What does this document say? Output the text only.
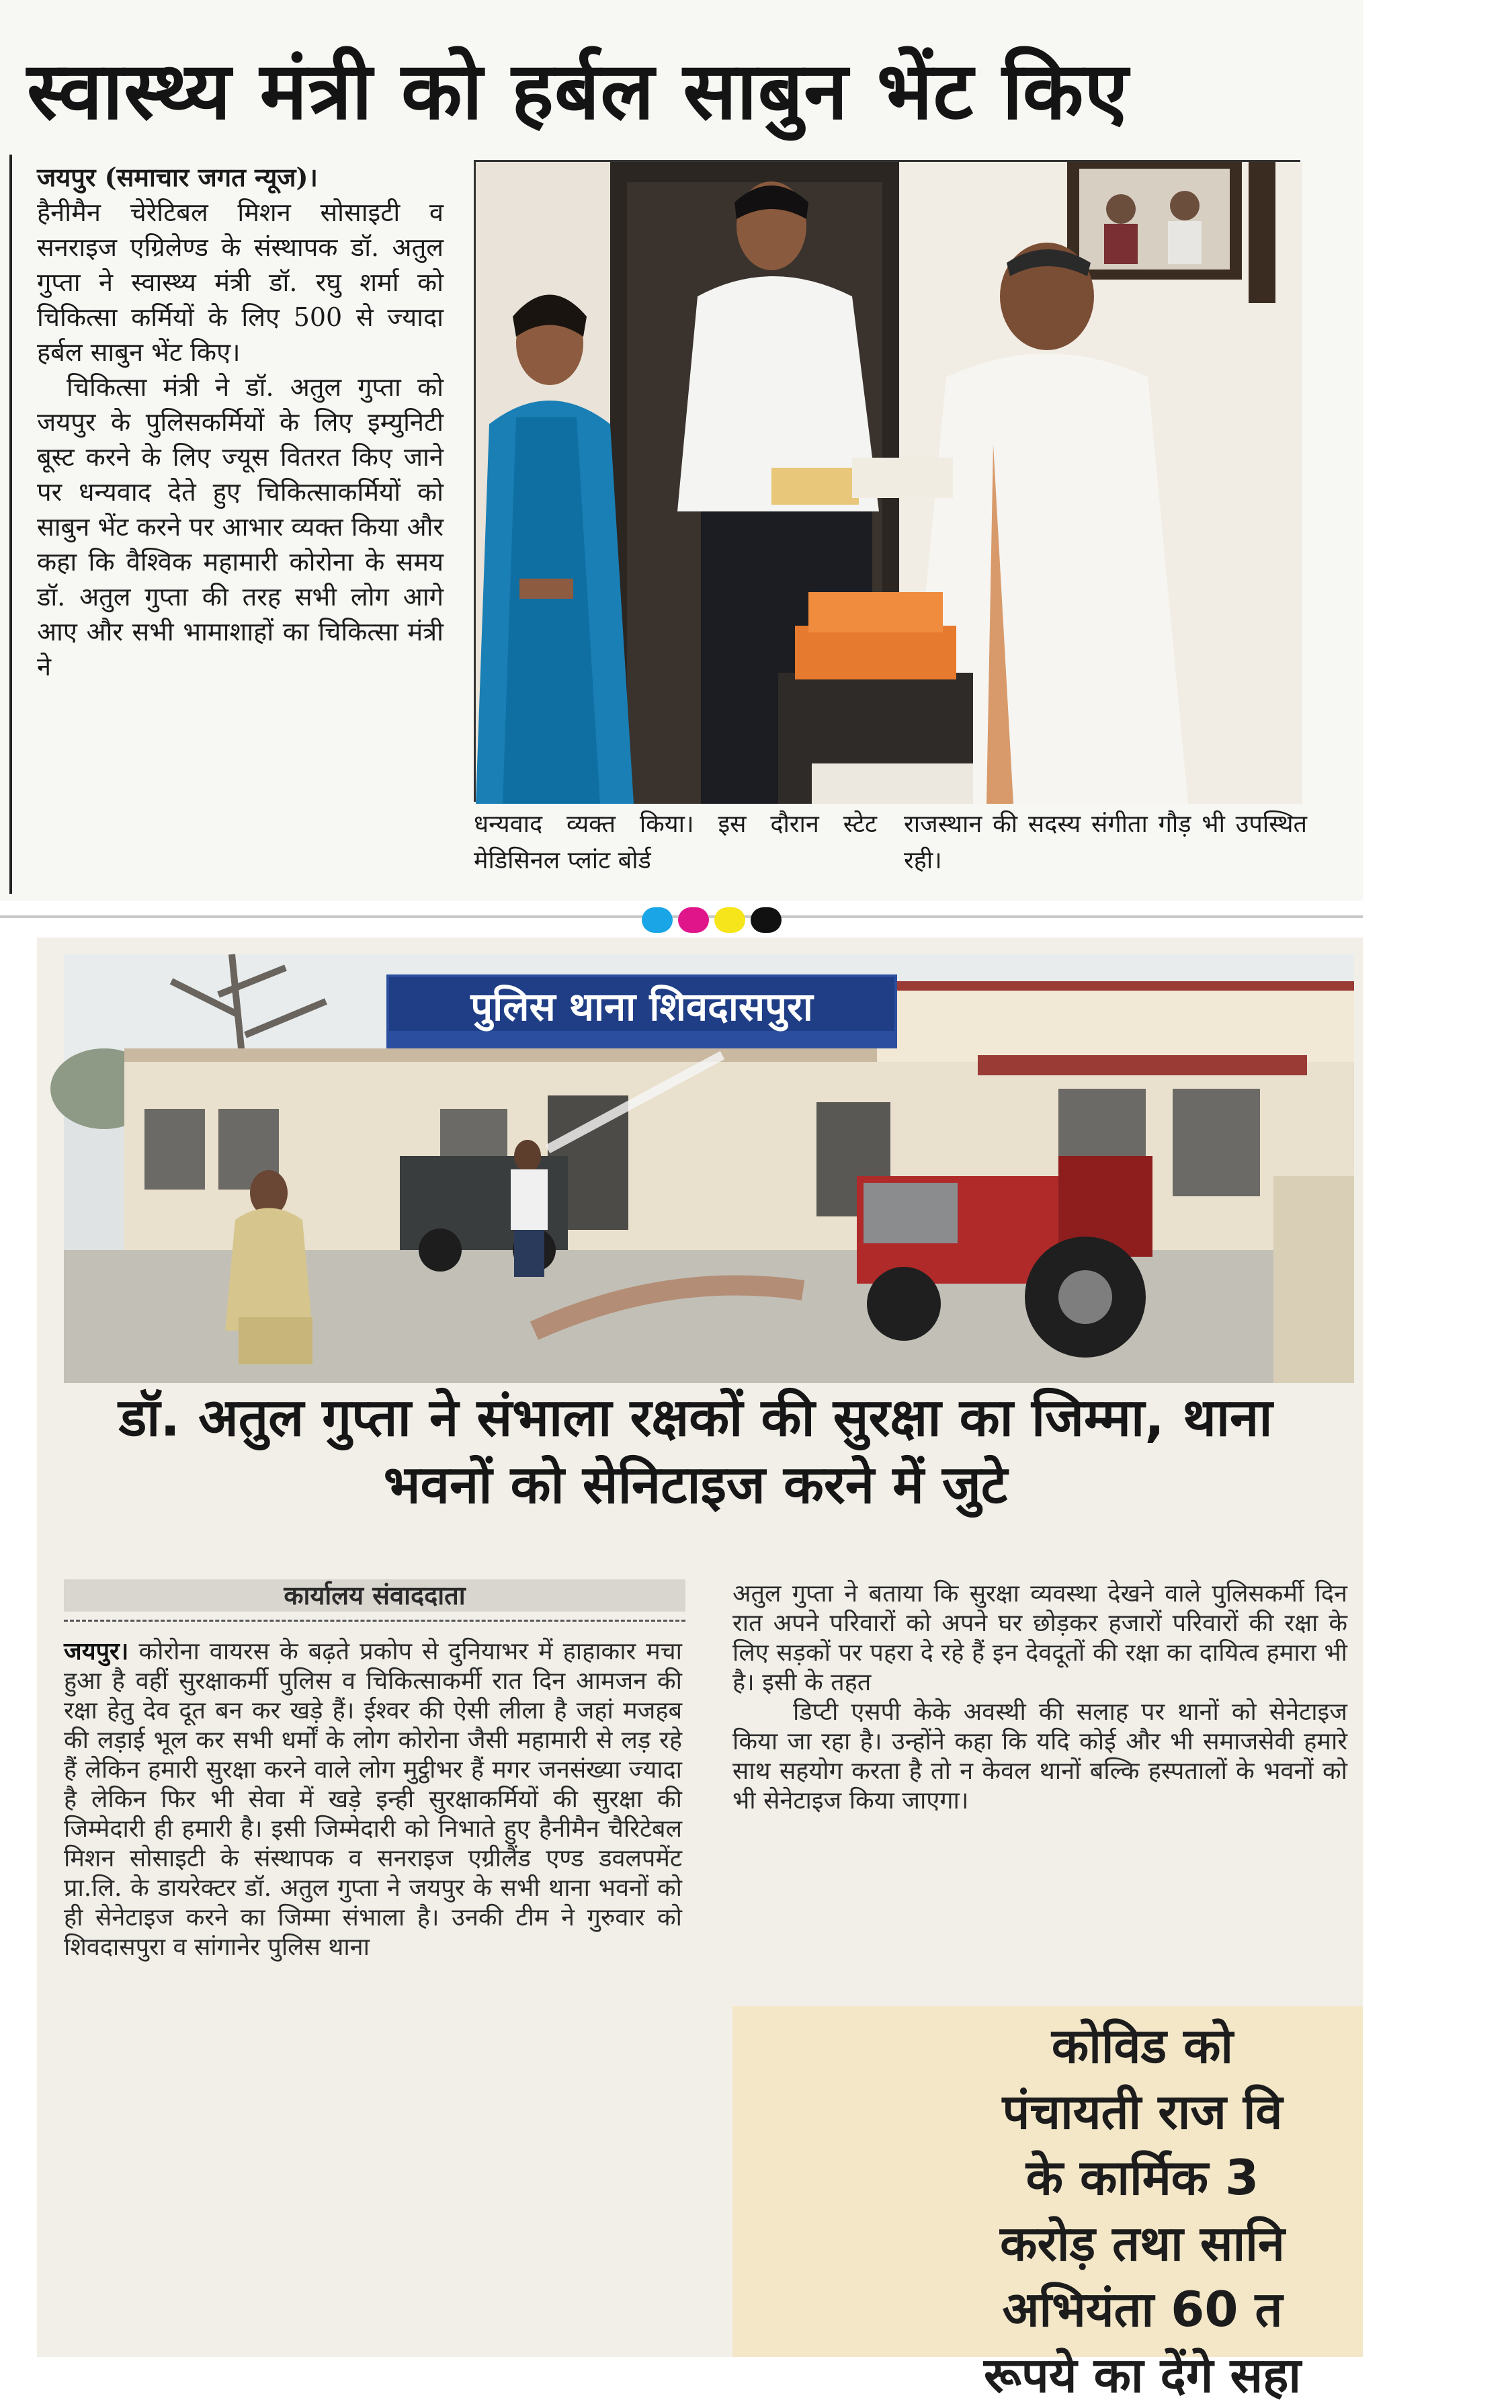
स्वास्थ्य मंत्री को हर्बल साबुन भेंट किए

जयपुर (समाचार जगत न्यूज)।
हैनीमैन चेरेटिबल मिशन सोसाइटी व सनराइज एग्रिलेण्ड के संस्थापक डॉ. अतुल गुप्ता ने स्वास्थ्य मंत्री डॉ. रघु शर्मा को चिकित्सा कर्मियों के लिए 500 से ज्यादा हर्बल साबुन भेंट किए।

चिकित्सा मंत्री ने डॉ. अतुल गुप्ता को जयपुर के पुलिसकर्मियों के लिए इम्युनिटी बूस्ट करने के लिए ज्यूस वितरत किए जाने पर धन्यवाद देते हुए चिकित्साकर्मियों को साबुन भेंट करने पर आभार व्यक्त किया और कहा कि वैश्विक महामारी कोरोना के समय डॉ. अतुल गुप्ता की तरह सभी लोग आगे आए और सभी भामाशाहों का चिकित्सा मंत्री ने

धन्यवाद व्यक्त किया। इस दौरान स्टेट मेडिसिनल प्लांट बोर्ड
राजस्थान की सदस्य संगीता गौड़ भी उपस्थित रही।
पुलिस थाना शिवदासपुरा
डॉ. अतुल गुप्ता ने संभाला रक्षकों की सुरक्षा का जिम्मा, थाना भवनों को सेनिटाइज करने में जुटे
कार्यालय संवाददाता

जयपुर। कोरोना वायरस के बढ़ते प्रकोप से दुनियाभर में हाहाकार मचा हुआ है वहीं सुरक्षाकर्मी पुलिस व चिकित्साकर्मी रात दिन आमजन की रक्षा हेतु देव दूत बन कर खड़े हैं। ईश्वर की ऐसी लीला है जहां मजहब की लड़ाई भूल कर सभी धर्मों के लोग कोरोना जैसी महामारी से लड़ रहे हैं लेकिन हमारी सुरक्षा करने वाले लोग मुट्ठीभर हैं मगर जनसंख्या ज्यादा है लेकिन फिर भी सेवा में खड़े इन्ही सुरक्षाकर्मियों की सुरक्षा की जिम्मेदारी ही हमारी है। इसी जिम्मेदारी को निभाते हुए हैनीमैन चैरिटेबल मिशन सोसाइटी के संस्थापक व सनराइज एग्रीलैंड एण्ड डवलपमेंट प्रा.लि. के डायरेक्टर डॉ. अतुल गुप्ता ने जयपुर के सभी थाना भवनों को ही सेनेटाइज करने का जिम्मा संभाला है। उनकी टीम ने गुरुवार को शिवदासपुरा व सांगानेर पुलिस थाना

अतुल गुप्ता ने बताया कि सुरक्षा व्यवस्था देखने वाले पुलिसकर्मी दिन रात अपने परिवारों को अपने घर छोड़कर हजारों परिवारों की रक्षा के लिए सड़कों पर पहरा दे रहे हैं इन देवदूतों की रक्षा का दायित्व हमारा भी है। इसी के तहत

डिप्टी एसपी केके अवस्थी की सलाह पर थानों को सेनेटाइज किया जा रहा है। उन्होंने कहा कि यदि कोई और भी समाजसेवी हमारे साथ सहयोग करता है तो न केवल थानों बल्कि हस्पतालों के भवनों को भी सेनेटाइज किया जाएगा।

कोविड को
पंचायती राज वि
के कार्मिक 3
करोड़ तथा सानि
अभियंता 60 त
रूपये का देंगे सहा
